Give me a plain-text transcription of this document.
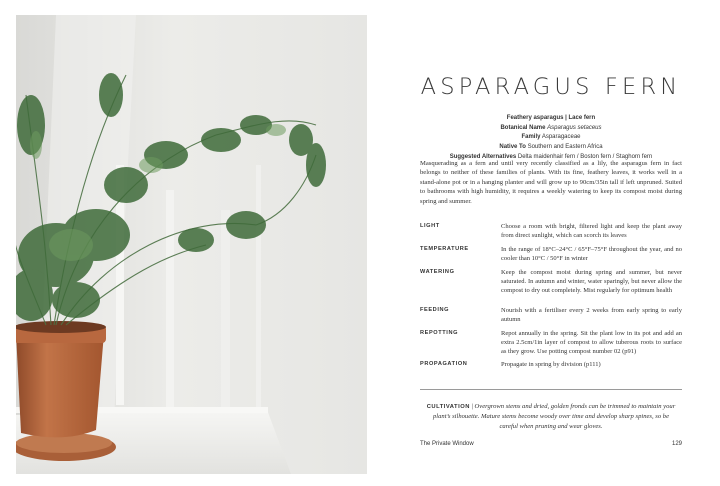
ASPARAGUS FERN
Feathery asparagus | Lace fern
Botanical Name Asparagus setaceus
Family Asparagaceae
Native To Southern and Eastern Africa
Suggested Alternatives Delta maidenhair fern / Boston fern / Staghorn fern

Masquerading as a fern and until very recently classified as a lily, the asparagus fern in fact belongs to neither of these families of plants. With its fine, feathery leaves, it works well in a stand-alone pot or in a hanging planter and will grow up to 90cm/35in tall if left unpruned. Suited to bathrooms with high humidity, it requires a weekly watering to keep its compost moist during spring and summer.

LIGHT	Choose a room with bright, filtered light and keep the plant away from direct sunlight, which can scorch its leaves
TEMPERATURE	In the range of 18°C–24°C / 65°F–75°F throughout the year, and no cooler than 10°C / 50°F in winter
WATERING	Keep the compost moist during spring and summer, but never saturated. In autumn and winter, water sparingly, but never allow the compost to dry out completely. Mist regularly for optimum health
FEEDING	Nourish with a fertiliser every 2 weeks from early spring to early autumn
REPOTTING	Repot annually in the spring. Sit the plant low in its pot and add an extra 2.5cm/1in layer of compost to allow tuberous roots to surface as they grow. Use potting compost number 02 (p91)
PROPAGATION	Propagate in spring by division (p111)

CULTIVATION | Overgrown stems and dried, golden fronds can be trimmed to maintain your plant’s silhouette. Mature stems become woody over time and develop sharp spines, so be careful when pruning and wear gloves.

The Private Window	129
